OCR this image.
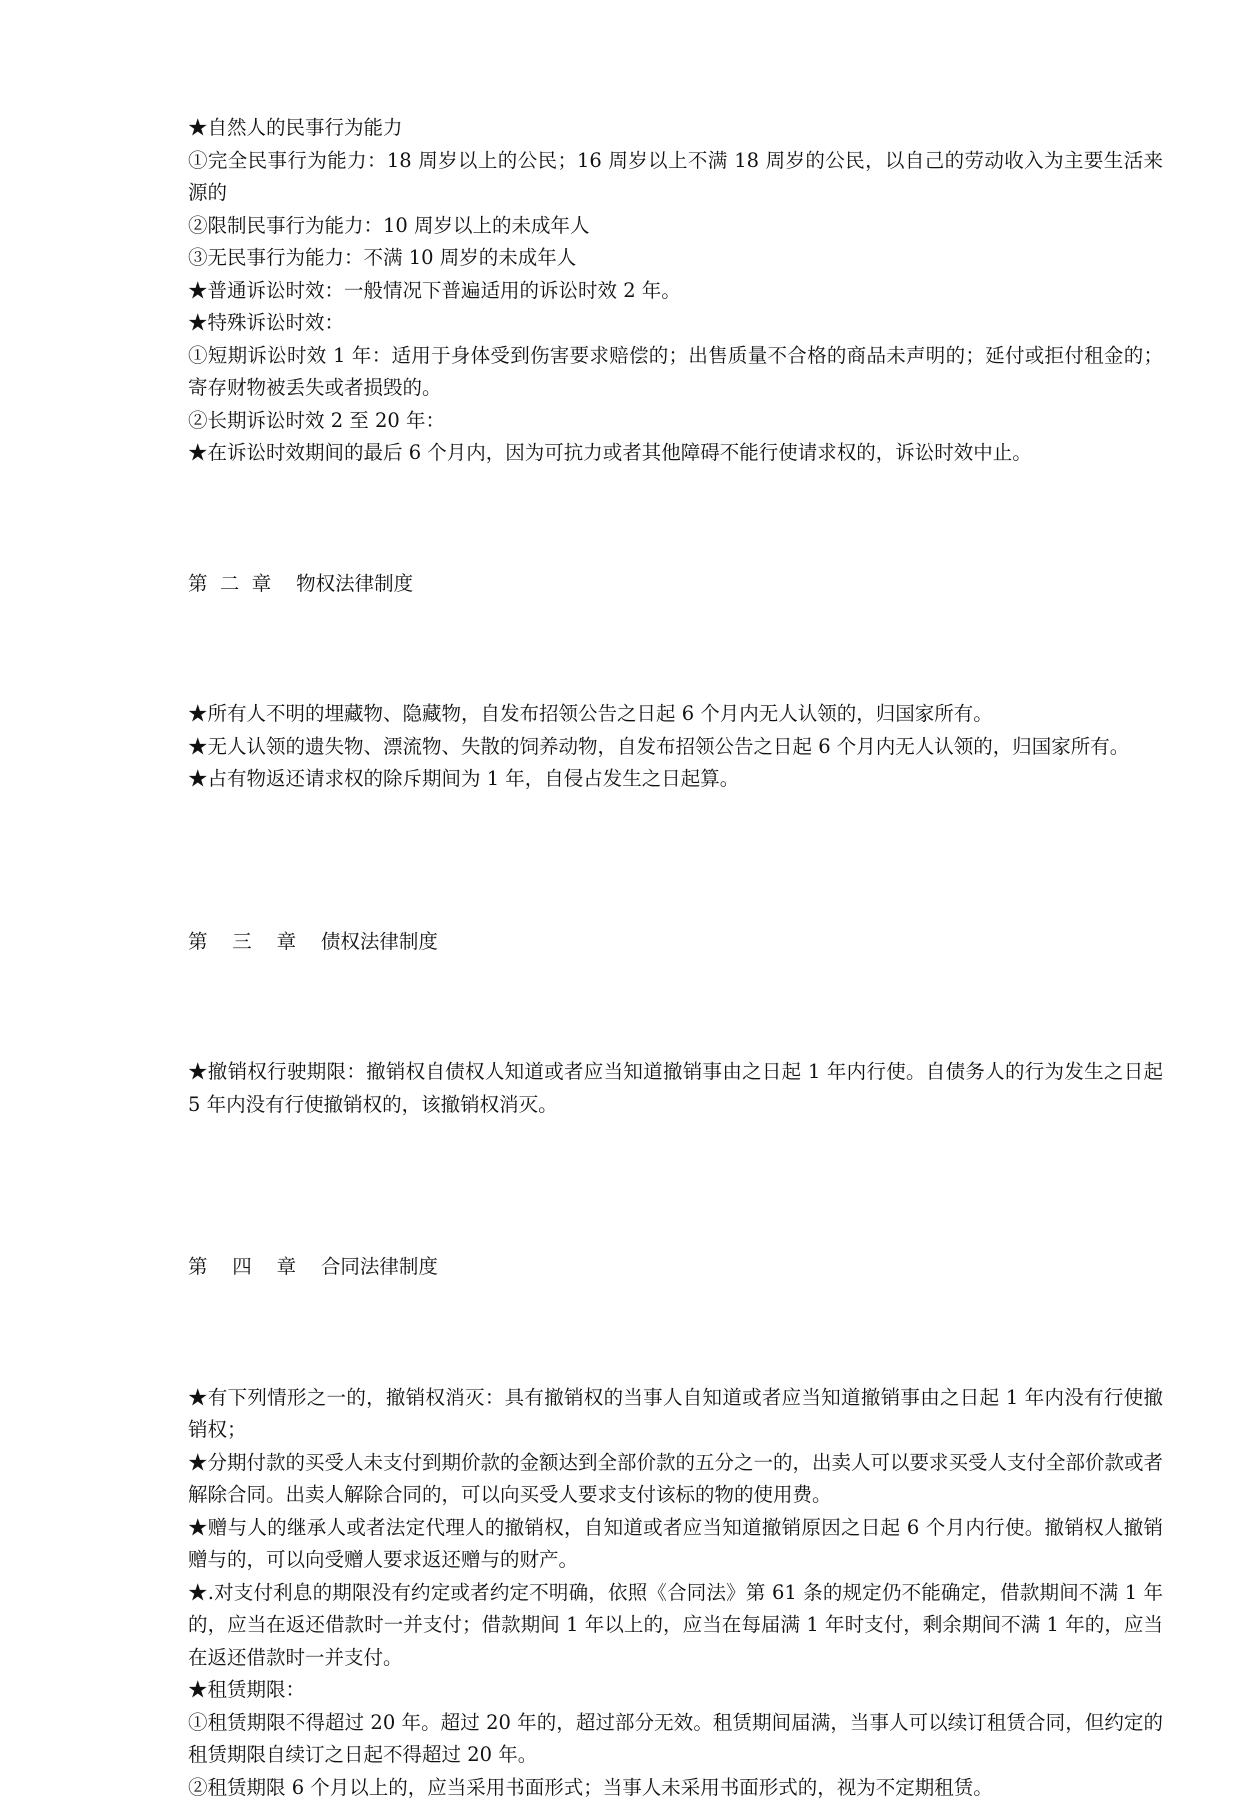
★自然人的民事行为能力

①完全民事行为能力：18 周岁以上的公民；16 周岁以上不满 18 周岁的公民，以自己的劳动收入为主要生活来源的

②限制民事行为能力：10 周岁以上的未成年人

③无民事行为能力：不满 10 周岁的未成年人

★普通诉讼时效：一般情况下普遍适用的诉讼时效 2 年。

★特殊诉讼时效：

①短期诉讼时效 1 年：适用于身体受到伤害要求赔偿的；出售质量不合格的商品未声明的；延付或拒付租金的；寄存财物被丢失或者损毁的。

②长期诉讼时效 2 至 20 年：

★在诉讼时效期间的最后 6 个月内，因为可抗力或者其他障碍不能行使请求权的，诉讼时效中止。

第  二  章    物权法律制度

★所有人不明的埋藏物、隐藏物，自发布招领公告之日起 6 个月内无人认领的，归国家所有。

★无人认领的遗失物、漂流物、失散的饲养动物，自发布招领公告之日起 6 个月内无人认领的，归国家所有。

★占有物返还请求权的除斥期间为 1 年，自侵占发生之日起算。

第    三    章    债权法律制度

★撤销权行驶期限：撤销权自债权人知道或者应当知道撤销事由之日起 1 年内行使。自债务人的行为发生之日起 5 年内没有行使撤销权的，该撤销权消灭。

第    四    章    合同法律制度

★有下列情形之一的，撤销权消灭：具有撤销权的当事人自知道或者应当知道撤销事由之日起 1 年内没有行使撤销权；

★分期付款的买受人未支付到期价款的金额达到全部价款的五分之一的，出卖人可以要求买受人支付全部价款或者解除合同。出卖人解除合同的，可以向买受人要求支付该标的物的使用费。

★赠与人的继承人或者法定代理人的撤销权，自知道或者应当知道撤销原因之日起 6 个月内行使。撤销权人撤销赠与的，可以向受赠人要求返还赠与的财产。

★.对支付利息的期限没有约定或者约定不明确，依照《合同法》第 61 条的规定仍不能确定，借款期间不满 1 年的，应当在返还借款时一并支付；借款期间 1 年以上的，应当在每届满 1 年时支付，剩余期间不满 1 年的，应当在返还借款时一并支付。

★租赁期限：

①租赁期限不得超过 20 年。超过 20 年的，超过部分无效。租赁期间届满，当事人可以续订租赁合同，但约定的租赁期限自续订之日起不得超过 20 年。

②租赁期限 6 个月以上的，应当采用书面形式；当事人未采用书面形式的，视为不定期租赁。
